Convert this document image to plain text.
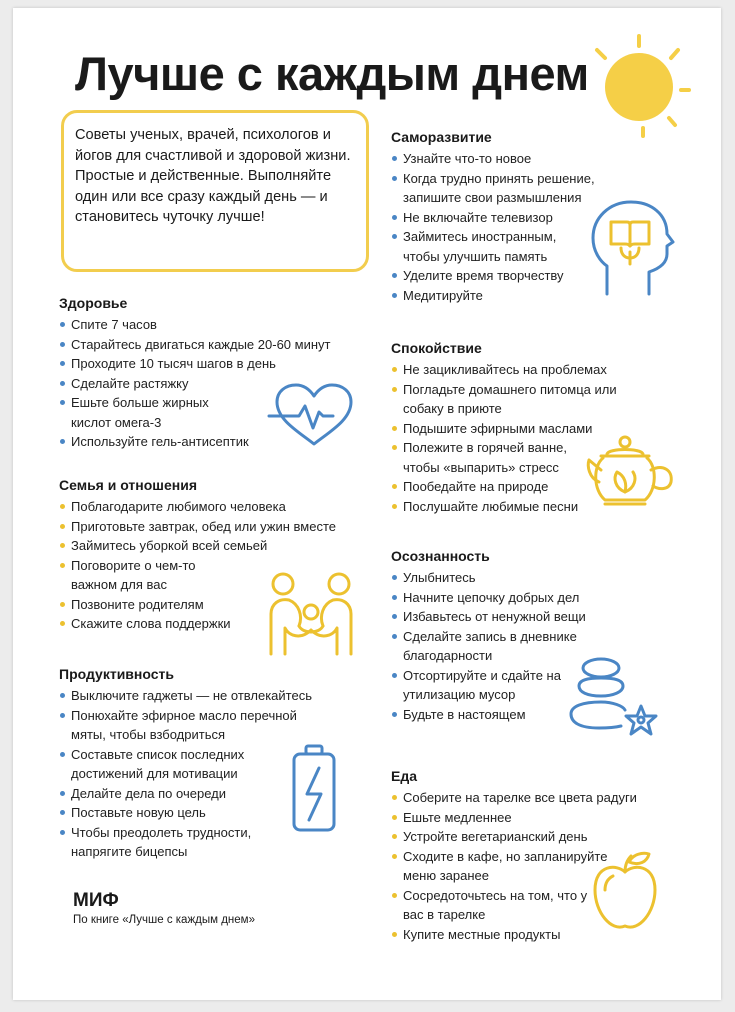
Лучше с каждым днем
Советы ученых, врачей, психологов и йогов для счастливой и здоровой жизни. Простые и действенные. Выполняйте один или все сразу каждый день — и становитесь чуточку лучше!
Здоровье
Спите 7 часов
Старайтесь двигаться каждые 20-60 минут
Проходите 10 тысяч шагов в день
Сделайте растяжку
Ешьте больше жирных кислот омега-3
Используйте гель-антисептик
Семья и отношения
Поблагодарите любимого человека
Приготовьте завтрак, обед или ужин вместе
Займитесь уборкой всей семьей
Поговорите о чем-то важном для вас
Позвоните родителям
Скажите слова поддержки
Продуктивность
Выключите гаджеты — не отвлекайтесь
Понюхайте эфирное масло перечной мяты, чтобы взбодриться
Составьте список последних достижений для мотивации
Делайте дела по очереди
Поставьте новую цель
Чтобы преодолеть трудности, напрягите бицепсы
МИФ
По книге «Лучше с каждым днем»
Саморазвитие
Узнайте что-то новое
Когда трудно принять решение, запишите свои размышления
Не включайте телевизор
Займитесь иностранным, чтобы улучшить память
Уделите время творчеству
Медитируйте
Спокойствие
Не зацикливайтесь на проблемах
Погладьте домашнего питомца или собаку в приюте
Подышите эфирными маслами
Полежите в горячей ванне, чтобы «выпарить» стресс
Пообедайте на природе
Послушайте любимые песни
Осознанность
Улыбнитесь
Начните цепочку добрых дел
Избавьтесь от ненужной вещи
Сделайте запись в дневнике благодарности
Отсортируйте и сдайте на утилизацию мусор
Будьте в настоящем
Еда
Соберите на тарелке все цвета радуги
Ешьте медленнее
Устройте вегетарианский день
Сходите в кафе, но запланируйте меню заранее
Сосредоточьтесь на том, что у вас в тарелке
Купите местные продукты
